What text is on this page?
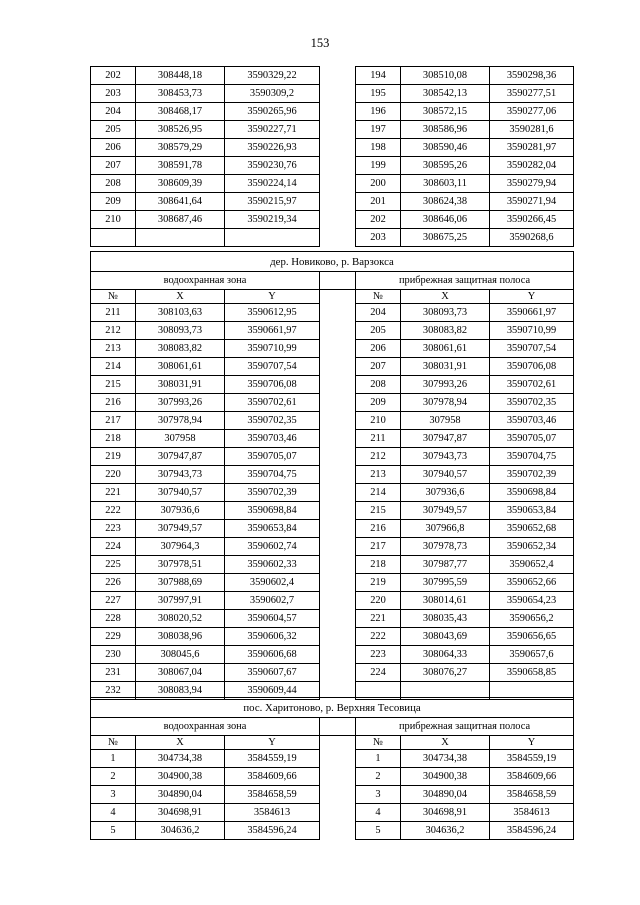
153
202	308448,18	3590329,22		194	308510,08	3590298,36
203	308453,73	3590309,2		195	308542,13	3590277,51
204	308468,17	3590265,96		196	308572,15	3590277,06
205	308526,95	3590227,71		197	308586,96	3590281,6
206	308579,29	3590226,93		198	308590,46	3590281,97
207	308591,78	3590230,76		199	308595,26	3590282,04
208	308609,39	3590224,14		200	308603,11	3590279,94
209	308641,64	3590215,97		201	308624,38	3590271,94
210	308687,46	3590219,34		202	308646,06	3590266,45
				203	308675,25	3590268,6
дер. Новиково, р. Варзокса						
водоохранная зона				прибрежная защитная полоса		
№	X	Y		№	X	Y
211	308103,63	3590612,95		204	308093,73	3590661,97
212	308093,73	3590661,97		205	308083,82	3590710,99
213	308083,82	3590710,99		206	308061,61	3590707,54
214	308061,61	3590707,54		207	308031,91	3590706,08
215	308031,91	3590706,08		208	307993,26	3590702,61
216	307993,26	3590702,61		209	307978,94	3590702,35
217	307978,94	3590702,35		210	307958	3590703,46
218	307958	3590703,46		211	307947,87	3590705,07
219	307947,87	3590705,07		212	307943,73	3590704,75
220	307943,73	3590704,75		213	307940,57	3590702,39
221	307940,57	3590702,39		214	307936,6	3590698,84
222	307936,6	3590698,84		215	307949,57	3590653,84
223	307949,57	3590653,84		216	307966,8	3590652,68
224	307964,3	3590602,74		217	307978,73	3590652,34
225	307978,51	3590602,33		218	307987,77	3590652,4
226	307988,69	3590602,4		219	307995,59	3590652,66
227	307997,91	3590602,7		220	308014,61	3590654,23
228	308020,52	3590604,57		221	308035,43	3590656,2
229	308038,96	3590606,32		222	308043,69	3590656,65
230	308045,6	3590606,68		223	308064,33	3590657,6
231	308067,04	3590607,67		224	308076,27	3590658,85
232	308083,94	3590609,44				
пос. Харитоново, р. Верхняя Тесовица						
водоохранная зона				прибрежная защитная полоса		
№	X	Y		№	X	Y
1	304734,38	3584559,19		1	304734,38	3584559,19
2	304900,38	3584609,66		2	304900,38	3584609,66
3	304890,04	3584658,59		3	304890,04	3584658,59
4	304698,91	3584613		4	304698,91	3584613
5	304636,2	3584596,24		5	304636,2	3584596,24
